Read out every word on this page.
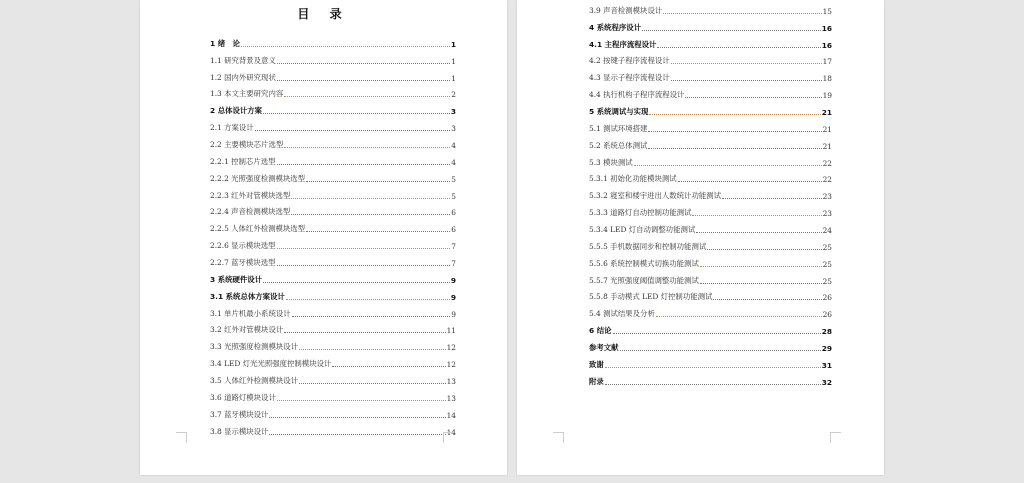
目 录
1 绪　论	1
1.1 研究背景及意义	1
1.2 国内外研究现状	1
1.3 本文主要研究内容	2
2 总体设计方案	3
2.1 方案设计	3
2.2 主要模块芯片选型	4
2.2.1 控制芯片选型	4
2.2.2 光照强度检测模块选型	5
2.2.3 红外对管模块选型	5
2.2.4 声音检测模块选型	6
2.2.5 人体红外检测模块选型	6
2.2.6 显示模块选型	7
2.2.7 蓝牙模块选型	7
3 系统硬件设计	9
3.1 系统总体方案设计	9
3.1 单片机最小系统设计	9
3.2 红外对管模块设计	11
3.3 光照强度检测模块设计	12
3.4 LED 灯光光照强度控制模块设计	12
3.5 人体红外检测模块设计	13
3.6 道路灯模块设计	13
3.7 蓝牙模块设计	14
3.8 显示模块设计	14
3.9 声音检测模块设计	15
4 系统程序设计	16
4.1 主程序流程设计	16
4.2 按键子程序流程设计	17
4.3 显示子程序流程设计	18
4.4 执行机构子程序流程设计	19
5 系统调试与实现	21
5.1 测试环境搭建	21
5.2 系统总体测试	21
5.3 模块测试	22
5.3.1 初始化功能模块测试	22
5.3.2 寝室和楼宇进出人数统计功能测试	23
5.3.3 道路灯自动控制功能测试	23
5.3.4 LED 灯自动调整功能测试	24
5.5.5 手机数据同步和控制功能测试	25
5.5.6 系统控制模式切换功能测试	25
5.5.7 光照强度阈值调整功能测试	25
5.5.8 手动模式 LED 灯控制功能测试	26
5.4 测试结果及分析	26
6 结论	28
参考文献	29
致谢	31
附录	32
